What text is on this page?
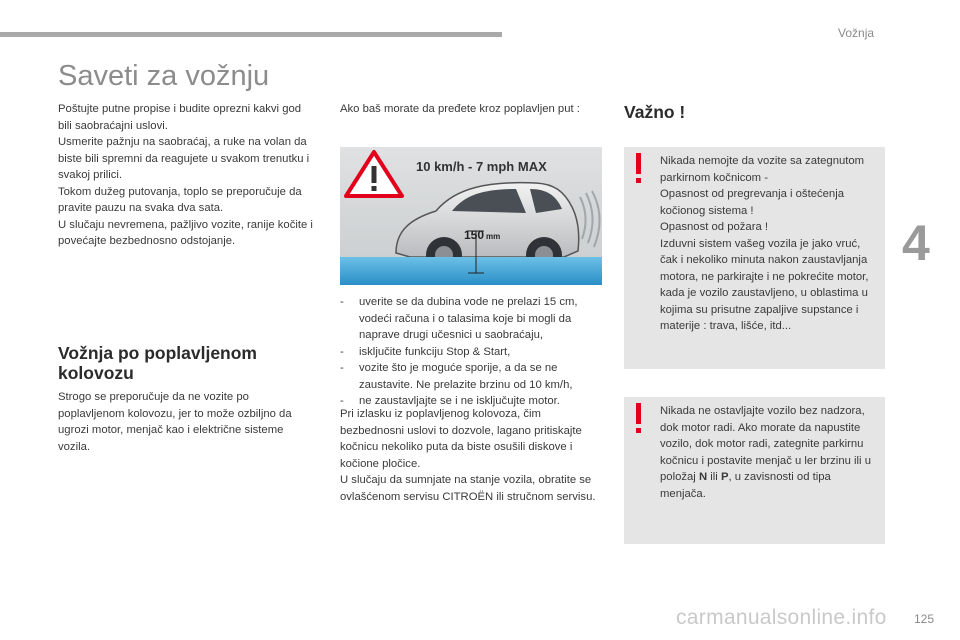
Vožnja
4
Saveti za vožnju

Poštujte putne propise i budite oprezni kakvi god bili saobraćajni uslovi.

Usmerite pažnju na saobraćaj, a ruke na volan da biste bili spremni da reagujete u svakom trenutku i svakoj prilici.

Tokom dužeg putovanja, toplo se preporučuje da pravite pauzu na svaka dva sata.

U slučaju nevremena, pažljivo vozite, ranije kočite i povećajte bezbednosno odstojanje.

Vožnja po poplavljenom kolovozu
Strogo se preporučuje da ne vozite po poplavljenom kolovozu, jer to može ozbiljno da ugrozi motor, menjač kao i električne sisteme vozila.
Ako baš morate da pređete kroz poplavljen put :
10 km/h - 7 mph MAX
150 mm
- uverite se da dubina vode ne prelazi 15 cm, vodeći računa i o talasima koje bi mogli da naprave drugi učesnici u saobraćaju,
- isključite funkciju Stop & Start,
- vozite što je moguće sporije, a da se ne zaustavite. Ne prelazite brzinu od 10 km/h,
- ne zaustavljajte se i ne isključujte motor.

Pri izlasku iz poplavljenog kolovoza, čim bezbednosni uslovi to dozvole, lagano pritiskajte kočnicu nekoliko puta da biste osušili diskove i kočione pločice.

U slučaju da sumnjate na stanje vozila, obratite se ovlašćenom servisu CITROËN ili stručnom servisu.

Važno !

Nikada nemojte da vozite sa zategnutom parkirnom kočnicom -

Opasnost od pregrevanja i oštećenja kočionog sistema !

Opasnost od požara !

Izduvni sistem vašeg vozila je jako vruć, čak i nekoliko minuta nakon zaustavljanja motora, ne parkirajte i ne pokrećite motor, kada je vozilo zaustavljeno, u oblastima u kojima su prisutne zapaljive supstance i materije : trava, lišće, itd...

Nikada ne ostavljajte vozilo bez nadzora, dok motor radi. Ako morate da napustite vozilo, dok motor radi, zategnite parkirnu kočnicu i postavite menjač u ler brzinu ili u položaj N ili P, u zavisnosti od tipa menjača.
carmanualsonline.info 125
